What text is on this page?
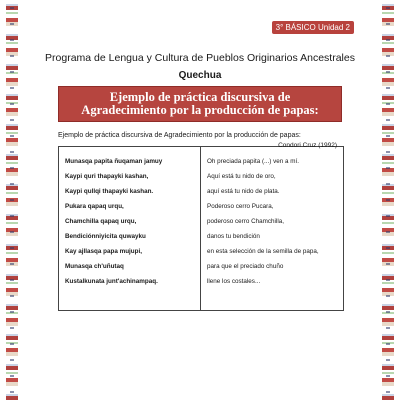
3° BÁSICO Unidad 2
Programa de Lengua y Cultura de Pueblos Originarios Ancestrales
Quechua
Ejemplo de práctica discursiva de Agradecimiento por la producción de papas:
Ejemplo de práctica discursiva de Agradecimiento por la producción de papas:
Munasqa papita ñuqaman jamuy
Kaypi quri thapayki kashan,
Kaypi qullqi thapayki kashan.
Pukara qapaq urqu,
Chamchilla qapaq urqu,
Bendiciónniyicita quwayku
Kay ajllasqa papa mujupi,
Munasqa ch'uñutaq
Kustalkunata junt'achinampaq.
Oh preciada papita (...) ven a mí.
Aquí está tu nido de oro,
aquí está tu nido de plata.
Poderoso cerro Pucara,
poderoso cerro Chamchilla,
danos tu bendición
en esta selección de la semilla de papa,
para que el preciado chuño
llene los costales...
Condori Cruz (1992)
